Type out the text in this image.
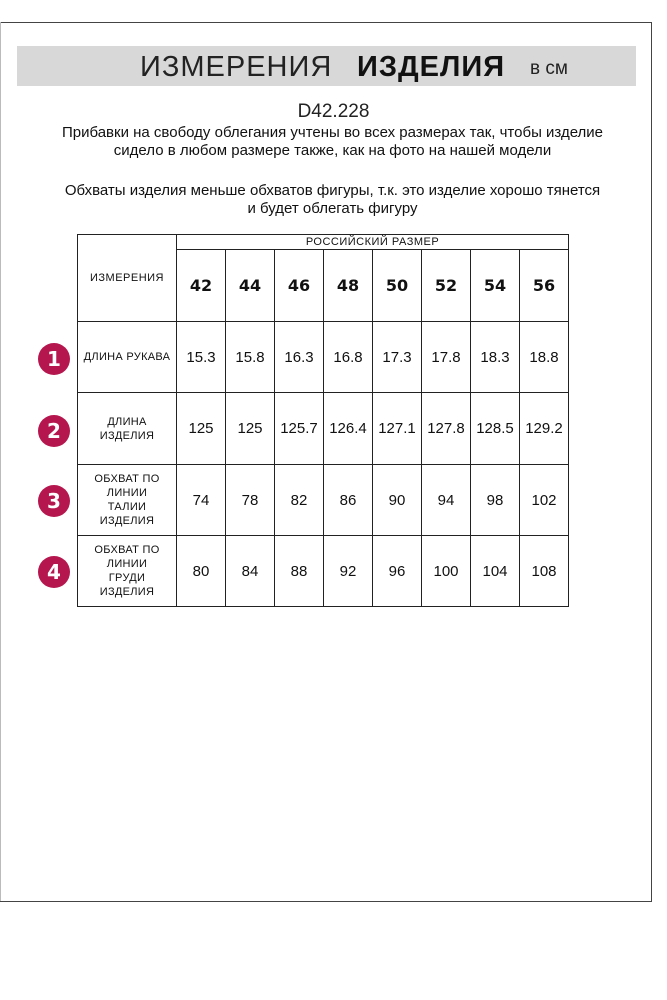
ИЗМЕРЕНИЯ ИЗДЕЛИЯ в см
D42.228
Прибавки на свободу облегания учтены во всех размерах так, чтобы изделие сидело в любом размере также, как на фото на нашей модели
Обхваты изделия меньше обхватов фигуры, т.к. это изделие хорошо тянется и будет облегать фигуру
ИЗМЕРЕНИЯ	РОССИЙСКИЙ РАЗМЕР							
	42	44	46	48	50	52	54	56
ДЛИНА РУКАВА	15.3	15.8	16.3	16.8	17.3	17.8	18.3	18.8
ДЛИНА ИЗДЕЛИЯ	125	125	125.7	126.4	127.1	127.8	128.5	129.2
ОБХВАТ ПО ЛИНИИ ТАЛИИ ИЗДЕЛИЯ	74	78	82	86	90	94	98	102
ОБХВАТ ПО ЛИНИИ ГРУДИ ИЗДЕЛИЯ	80	84	88	92	96	100	104	108
1
2
3
4
